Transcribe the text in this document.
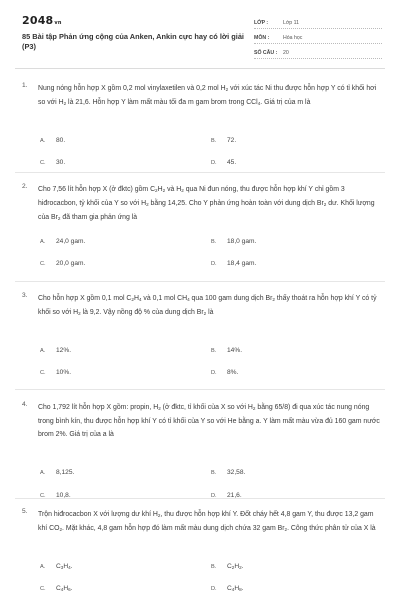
2048vn
85 Bài tập Phản ứng cộng của Anken, Ankin cực hay có lời giải (P3)
LỚP :	Lớp 11
MÔN :	Hóa học
SỐ CÂU :	20
1. Nung nóng hỗn hợp X gồm 0,2 mol vinylaxetilen và 0,2 mol $H_2$ với xúc tác Ni thu được hỗn hợp Y có tỉ khối hơi so với $H_2$ là 21,6. Hỗn hợp Y làm mất màu tối đa m gam brom trong CCl$_4$. Giá trị của m là
A. 80.	B. 72.
C. 30.	D. 45.
2. Cho 7,56 lít hỗn hợp X (ở đktc) gồm $C_2H_2$ và $H_2$ qua Ni đun nóng, thu được hỗn hợp khí Y chỉ gồm 3 hiđrocacbon, tỷ khối của Y so với $H_2$ bằng 14,25. Cho Y phản ứng hoàn toàn với dung dịch $Br_2$ dư. Khối lượng của $Br_2$ đã tham gia phản ứng là
A. 24,0 gam.	B. 18,0 gam.
C. 20,0 gam.	D. 18,4 gam.
3. Cho hỗn hợp X gồm 0,1 mol $C_2H_4$ và 0,1 mol $CH_4$ qua 100 gam dung dịch $Br_2$ thấy thoát ra hỗn hợp khí Y có tỷ khối so với $H_2$ là 9,2. Vậy nồng độ % của dung dịch $Br_2$ là
A. 12%.	B. 14%.
C. 10%.	D. 8%.
4. Cho 1,792 lít hỗn hợp X gồm: propin, $H_2$ (ở đktc, tỉ khối của X so với $H_2$ bằng 65/8) đi qua xúc tác nung nóng trong bình kín, thu được hỗn hợp khí Y có tỉ khối của Y so với He bằng a. Y làm mất màu vừa đủ 160 gam nước brom 2%. Giá trị của a là
A. 8,125.	B. 32,58.
C. 10,8.	D. 21,6.
5. Trộn hiđrocacbon X với lượng dư khí $H_2$, thu được hỗn hợp khí Y. Đốt cháy hết 4,8 gam Y, thu được 13,2 gam khí $CO_2$. Mặt khác, 4,8 gam hỗn hợp đó làm mất màu dung dịch chứa 32 gam $Br_2$. Công thức phân tử của X là
A. $C_3H_4$.	B. $C_2H_2$.
C. $C_4H_6$.	D. $C_4H_8$.
